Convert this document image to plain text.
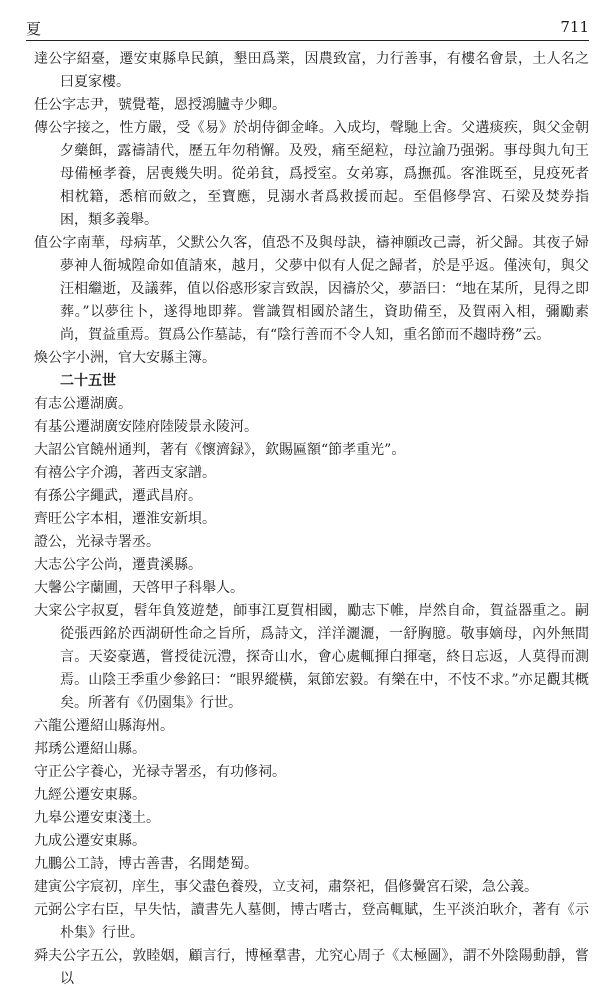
夏	711

達公字紹臺，遷安東縣阜民鎮，墾田爲業，因農致富，力行善事，有樓名會景，土人名之曰夏家樓。

任公字志尹，號覺菴，恩授鴻臚寺少卿。

傳公字接之，性方嚴，受《易》於胡侍御金峰。入成均，聲馳上舍。父遘痰疾，與父金朝夕藥餌，露禱請代，歷五年勿稍懈。及殁，痛至絕粒，母泣諭乃强粥。事母與九旬王母備極孝養，居喪幾失明。從弟貧，爲授室。女弟寡，爲撫孤。客淮既至，見疫死者相枕籍，悉棺而斂之，至寶應，見溺水者爲救援而起。至倡修學宮、石梁及焚券指困，類多義舉。

值公字南華，母病革，父默公久客，值恐不及與母訣，禱神願改己壽，祈父歸。其夜子婦夢神人衙城隍命如值請來，越月，父夢中似有人促之歸者，於是乎返。僅浹旬，與父汪相繼逝，及議葬，值以俗惑形家言致誤，因禱於父，夢語曰：“地在某所，見得之即葬。”以夢往卜，遂得地即葬。嘗識賀相國於諸生，資助備至，及賀兩入相，彌勵素尚，賀益重焉。賀爲公作墓誌，有“陰行善而不令人知，重名節而不趨時務”云。

煥公字小洲，官大安縣主簿。

二十五世

有志公遷湖廣。

有基公遷湖廣安陸府陸陵景永陵河。

大詔公官饒州通判，著有《懷濟録》，欽賜匾額“節孝重光”。

有禧公字介鴻，著西支家譜。

有孫公字繩武，遷武昌府。

齊旺公字本相，遷淮安新垻。

證公，光禄寺署丞。

大志公字公尚，遷貴溪縣。

大馨公字蘭圃，天啓甲子科舉人。

大寀公字叔夏，髫年負笈遊楚，師事江夏賀相國，勵志下帷，岸然自命，賀益器重之。嗣從張西銘於西湖研性命之旨所，爲詩文，洋洋灑灑，一舒胸臆。敬事嫡母，內外無間言。天姿豪邁，嘗授徒沅澧，探奇山水，會心處輒揮白揮毫，終日忘返，人莫得而測焉。山陰王季重少參銘曰：“眼界縱橫，氣節宏毅。有樂在中，不忮不求。”亦足觀其概矣。所著有《仍園集》行世。

六龍公遷紹山縣海州。

邦琇公遷紹山縣。

守正公字養心，光禄寺署丞，有功修祠。

九經公遷安東縣。

九皋公遷安東淺土。

九成公遷安東縣。

九鵬公工詩，博古善書，名聞楚蜀。

建寅公字宸初，庠生，事父盡色養殁，立支祠，肅祭祀，倡修黌宮石梁，急公義。

元弼公字右臣，早失怙，讀書先人墓側，博古嗜古，登高輒賦，生平淡泊耿介，著有《示朴集》行世。

舜夫公字五公，敦睦姻，顧言行，博極羣書，尤究心周子《太極圖》，謂不外陰陽動靜，嘗以
